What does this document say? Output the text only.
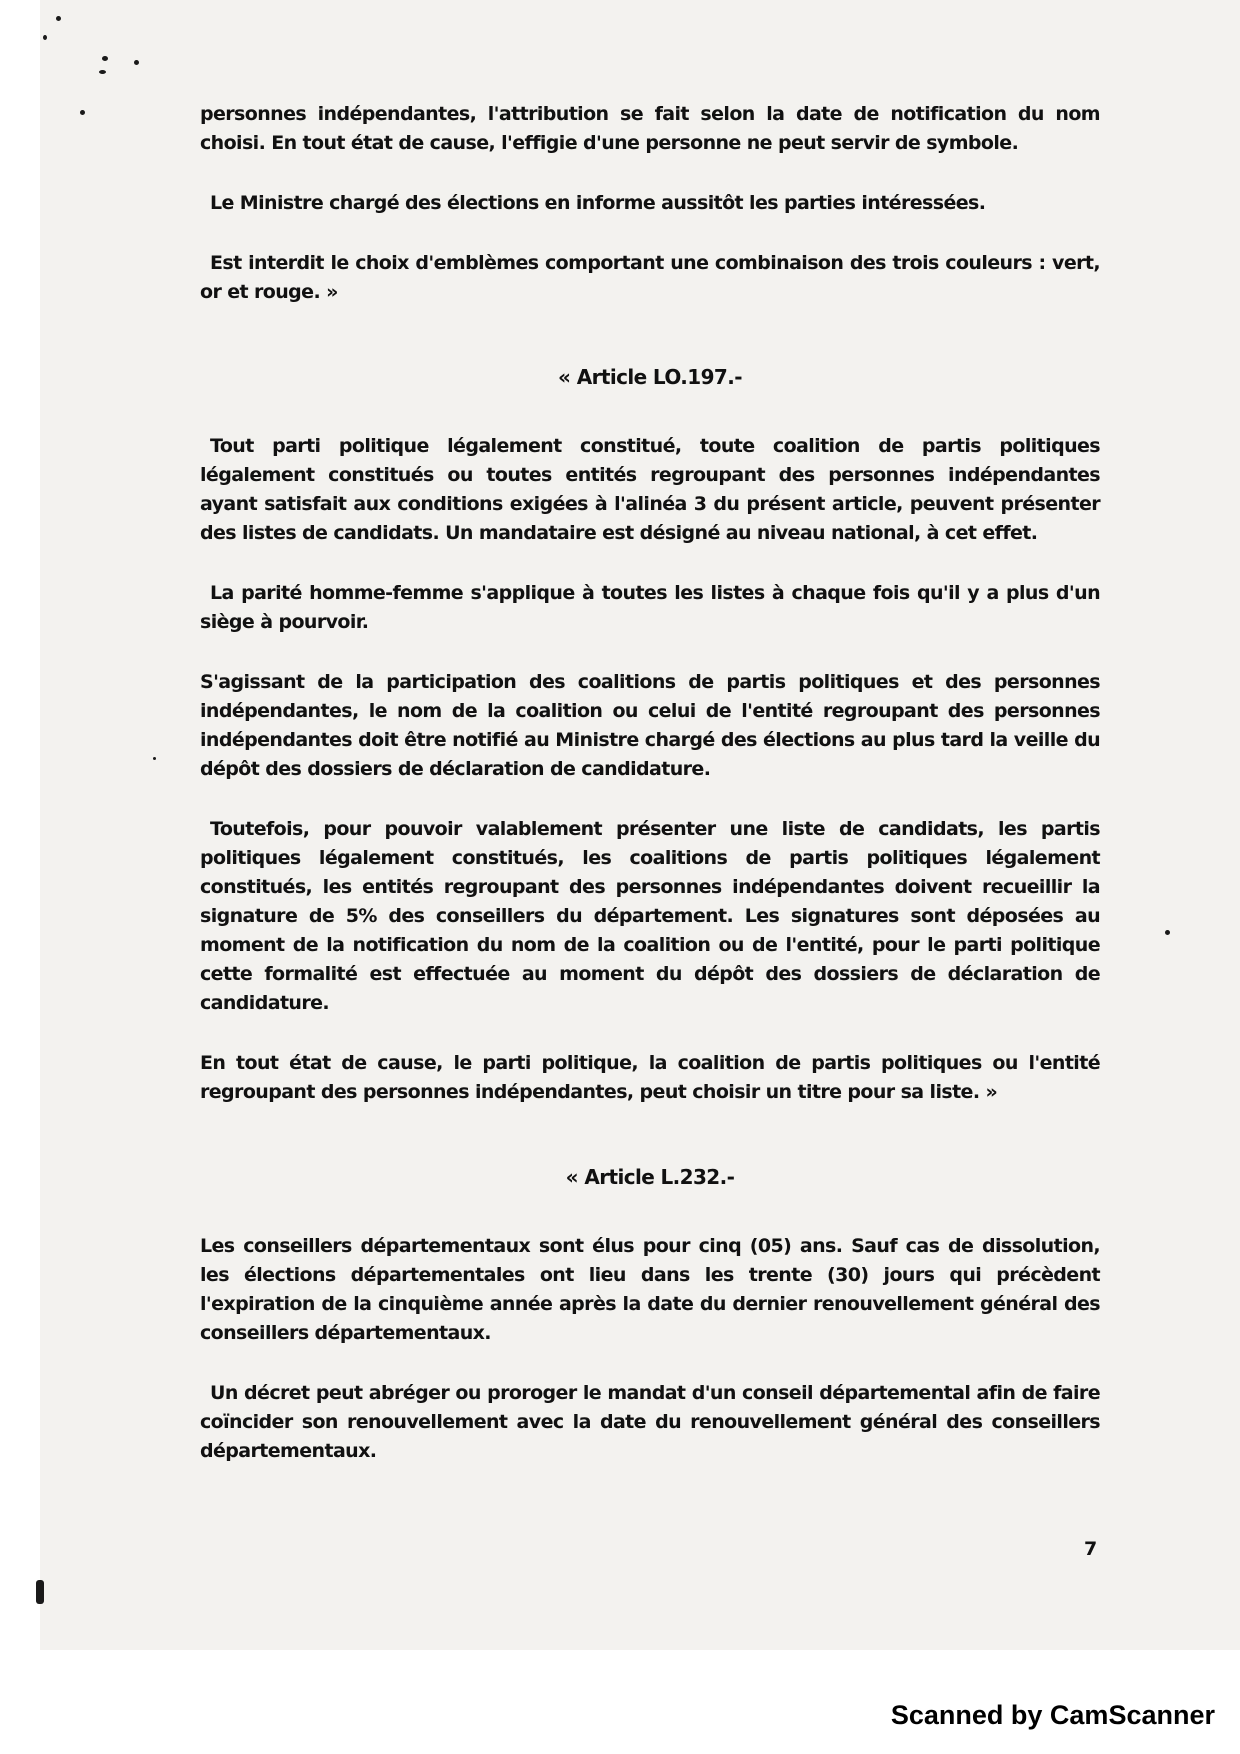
personnes indépendantes, l'attribution se fait selon la date de notification du nom choisi. En tout état de cause, l'effigie d'une personne ne peut servir de symbole.

Le Ministre chargé des élections en informe aussitôt les parties intéressées.

Est interdit le choix d'emblèmes comportant une combinaison des trois couleurs : vert, or et rouge. »

« Article LO.197.-

Tout parti politique légalement constitué, toute coalition de partis politiques légalement constitués ou toutes entités regroupant des personnes indépendantes ayant satisfait aux conditions exigées à l'alinéa 3 du présent article, peuvent présenter des listes de candidats. Un mandataire est désigné au niveau national, à cet effet.

La parité homme-femme s'applique à toutes les listes à chaque fois qu'il y a plus d'un siège à pourvoir.

S'agissant de la participation des coalitions de partis politiques et des personnes indépendantes, le nom de la coalition ou celui de l'entité regroupant des personnes indépendantes doit être notifié au Ministre chargé des élections au plus tard la veille du dépôt des dossiers de déclaration de candidature.

Toutefois, pour pouvoir valablement présenter une liste de candidats, les partis politiques légalement constitués, les coalitions de partis politiques légalement constitués, les entités regroupant des personnes indépendantes doivent recueillir la signature de 5% des conseillers du département. Les signatures sont déposées au moment de la notification du nom de la coalition ou de l'entité, pour le parti politique cette formalité est effectuée au moment du dépôt des dossiers de déclaration de candidature.

En tout état de cause, le parti politique, la coalition de partis politiques ou l'entité regroupant des personnes indépendantes, peut choisir un titre pour sa liste. »

« Article L.232.-

Les conseillers départementaux sont élus pour cinq (05) ans. Sauf cas de dissolution, les élections départementales ont lieu dans les trente (30) jours qui précèdent l'expiration de la cinquième année après la date du dernier renouvellement général des conseillers départementaux.

Un décret peut abréger ou proroger le mandat d'un conseil départemental afin de faire coïncider son renouvellement avec la date du renouvellement général des conseillers départementaux.

7
Scanned by CamScanner
